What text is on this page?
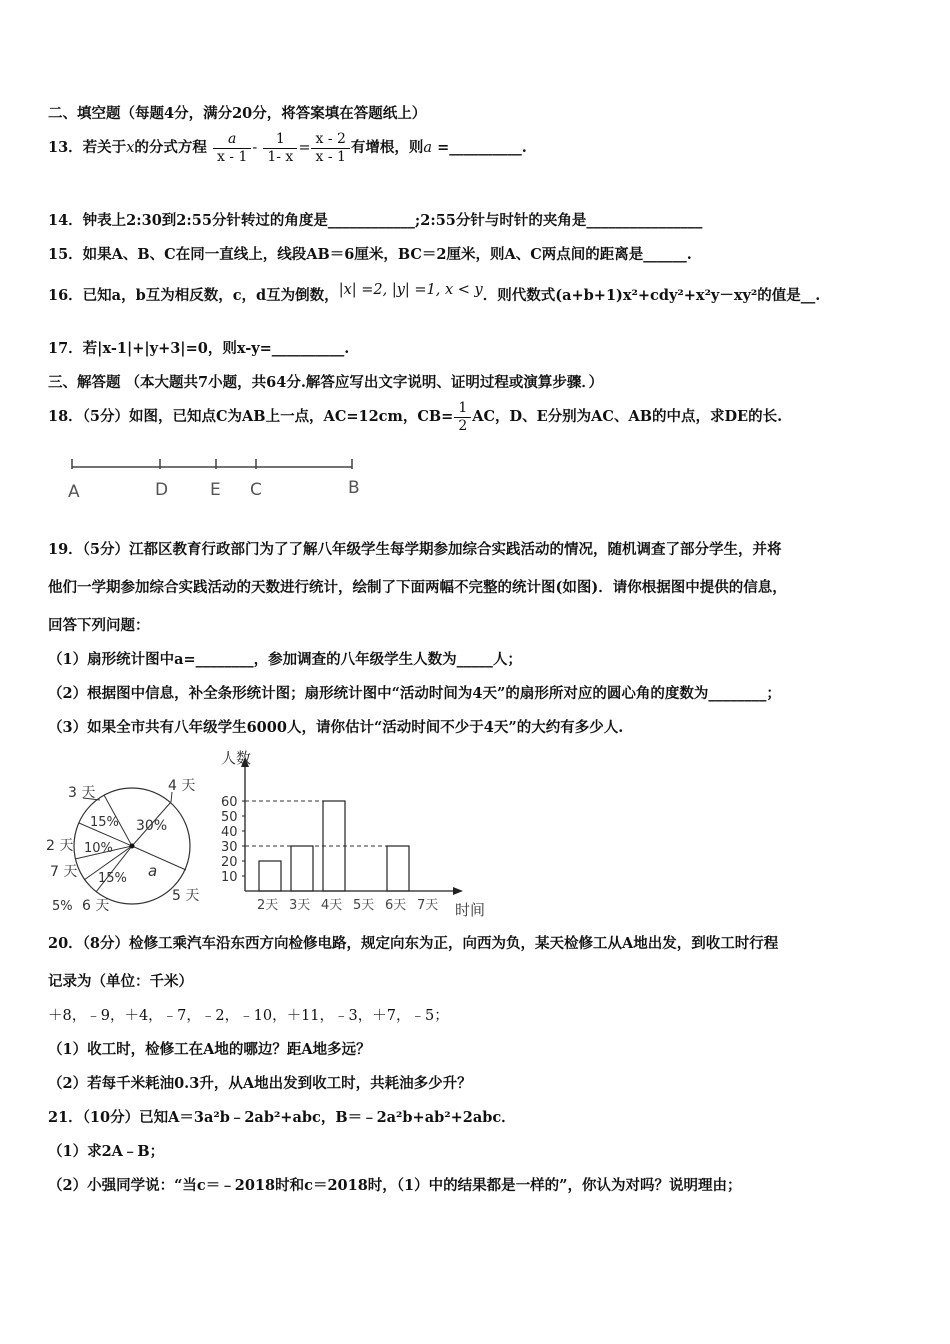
二、填空题（每题4分，满分20分，将答案填在答题纸上）
13．若关于x的分式方程 $\frac{a}{x - 1} - \frac{1}{1- x} = \frac{x - 2}{x - 1}$ 有增根，则a =__________.
14．钟表上2:30到2:55分针转过的角度是____________;2:55分针与时针的夹角是________________
15．如果A、B、C在同一直线上，线段AB＝6厘米，BC＝2厘米，则A、C两点间的距离是______.
16．已知a，b互为相反数，c，d互为倒数，|x| =2, |y| =1, x < y．则代数式(a+b+1)x²+cdy²+x²y－xy²的值是__.
17．若|x-1|+|y+3|=0，则x-y=__________.
三、解答题 （本大题共7小题，共64分.解答应写出文字说明、证明过程或演算步骤．）
18．（5分）如图，已知点C为AB上一点，AC=12cm，$CB= \frac{1}{2}$ AC，D、E分别为AC、AB的中点，求DE的长.
A	D E C	B
19．（5分）江都区教育行政部门为了了解八年级学生每学期参加综合实践活动的情况，随机调查了部分学生，并将
他们一学期参加综合实践活动的天数进行统计，绘制了下面两幅不完整的统计图(如图)．请你根据图中提供的信息，
回答下列问题：
（1）扇形统计图中a=________，参加调查的八年级学生人数为_____人；
（2）根据图中信息，补全条形统计图；扇形统计图中“活动时间为4天”的扇形所对应的圆心角的度数为________；
（3）如果全市共有八年级学生6000人，请你估计“活动时间不少于4天”的大约有多少人.
3 天	4 天
2 天
7 天
5 天
6 天
15% 30%
10%
15% a
5%
人数
时间
10
20
30
40
50
60
2天 3天 4天 5天 6天 7天
20．（8分）检修工乘汽车沿东西方向检修电路，规定向东为正，向西为负，某天检修工从A地出发，到收工时行程
记录为（单位：千米）
＋8，﹣9，＋4，﹣7，﹣2，﹣10，＋11，﹣3，＋7，﹣5；
（1）收工时，检修工在A地的哪边？距A地多远？
（2）若每千米耗油0.3升，从A地出发到收工时，共耗油多少升？
21．（10分）已知A＝3a²b﹣2ab²+abc，B＝﹣2a²b+ab²+2abc．
（1）求2A﹣B；
（2）小强同学说：“当c＝﹣2018时和c＝2018时，（1）中的结果都是一样的”，你认为对吗？说明理由；
